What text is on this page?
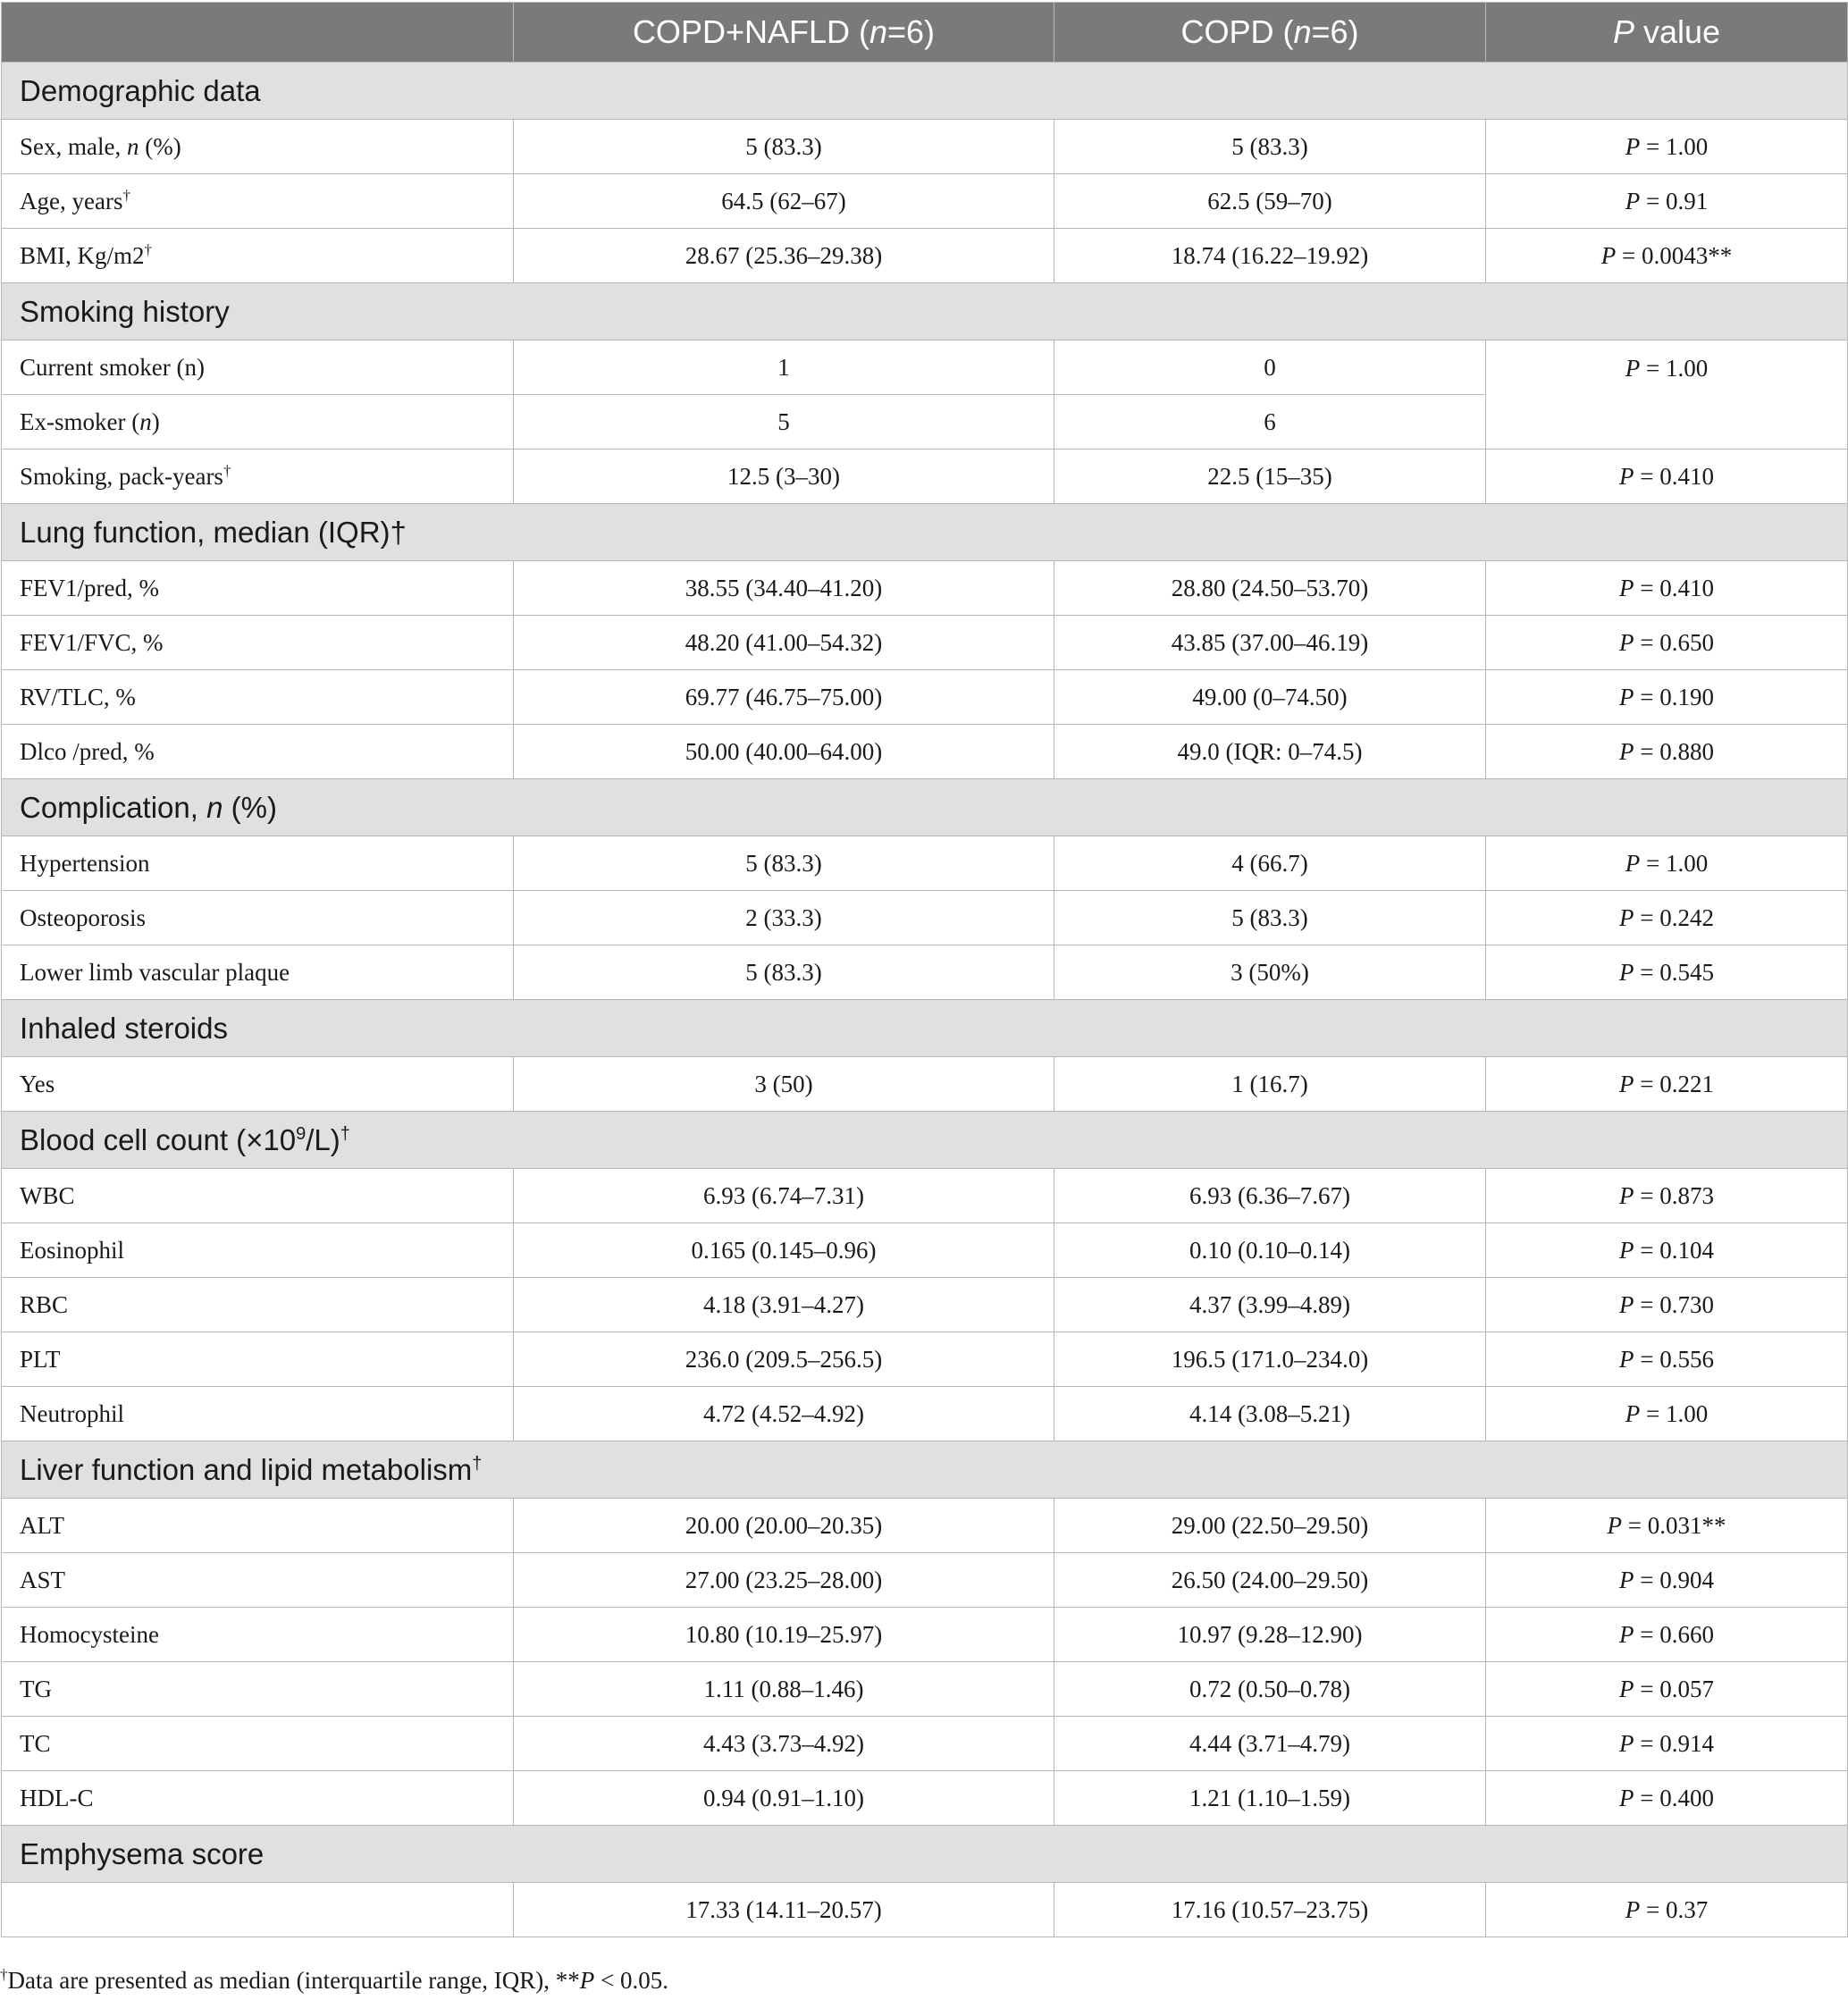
	COPD+NAFLD (n=6)	COPD (n=6)	P value
Demographic data			
Sex, male, n (%)	5 (83.3)	5 (83.3)	P = 1.00
Age, years†	64.5 (62–67)	62.5 (59–70)	P = 0.91
BMI, Kg/m2†	28.67 (25.36–29.38)	18.74 (16.22–19.92)	P = 0.0043**
Smoking history			
Current smoker (n)	1	0	P = 1.00
Ex-smoker (n)	5	6	
Smoking, pack-years†	12.5 (3–30)	22.5 (15–35)	P = 0.410
Lung function, median (IQR)†			
FEV1/pred, %	38.55 (34.40–41.20)	28.80 (24.50–53.70)	P = 0.410
FEV1/FVC, %	48.20 (41.00–54.32)	43.85 (37.00–46.19)	P = 0.650
RV/TLC, %	69.77 (46.75–75.00)	49.00 (0–74.50)	P = 0.190
Dlco /pred, %	50.00 (40.00–64.00)	49.0 (IQR: 0–74.5)	P = 0.880
Complication, n (%)			
Hypertension	5 (83.3)	4 (66.7)	P = 1.00
Osteoporosis	2 (33.3)	5 (83.3)	P = 0.242
Lower limb vascular plaque	5 (83.3)	3 (50%)	P = 0.545
Inhaled steroids			
Yes	3 (50)	1 (16.7)	P = 0.221
Blood cell count $(\times 10^9/L)^\dagger$
WBC	6.93 (6.74–7.31)	6.93 (6.36–7.67)	P = 0.873
Eosinophil	0.165 (0.145–0.96)	0.10 (0.10–0.14)	P = 0.104
RBC	4.18 (3.91–4.27)	4.37 (3.99–4.89)	P = 0.730
PLT	236.0 (209.5–256.5)	196.5 (171.0–234.0)	P = 0.556
Neutrophil	4.72 (4.52–4.92)	4.14 (3.08–5.21)	P = 1.00
Liver function and lipid metabolism†
ALT	20.00 (20.00–20.35)	29.00 (22.50–29.50)	P = 0.031**
AST	27.00 (23.25–28.00)	26.50 (24.00–29.50)	P = 0.904
Homocysteine	10.80 (10.19–25.97)	10.97 (9.28–12.90)	P = 0.660
TG	1.11 (0.88–1.46)	0.72 (0.50–0.78)	P = 0.057
TC	4.43 (3.73–4.92)	4.44 (3.71–4.79)	P = 0.914
HDL-C	0.94 (0.91–1.10)	1.21 (1.10–1.59)	P = 0.400
Emphysema score			
	17.33 (14.11–20.57)	17.16 (10.57–23.75)	P = 0.37
†Data are presented as median (interquartile range, IQR), **P < 0.05.
